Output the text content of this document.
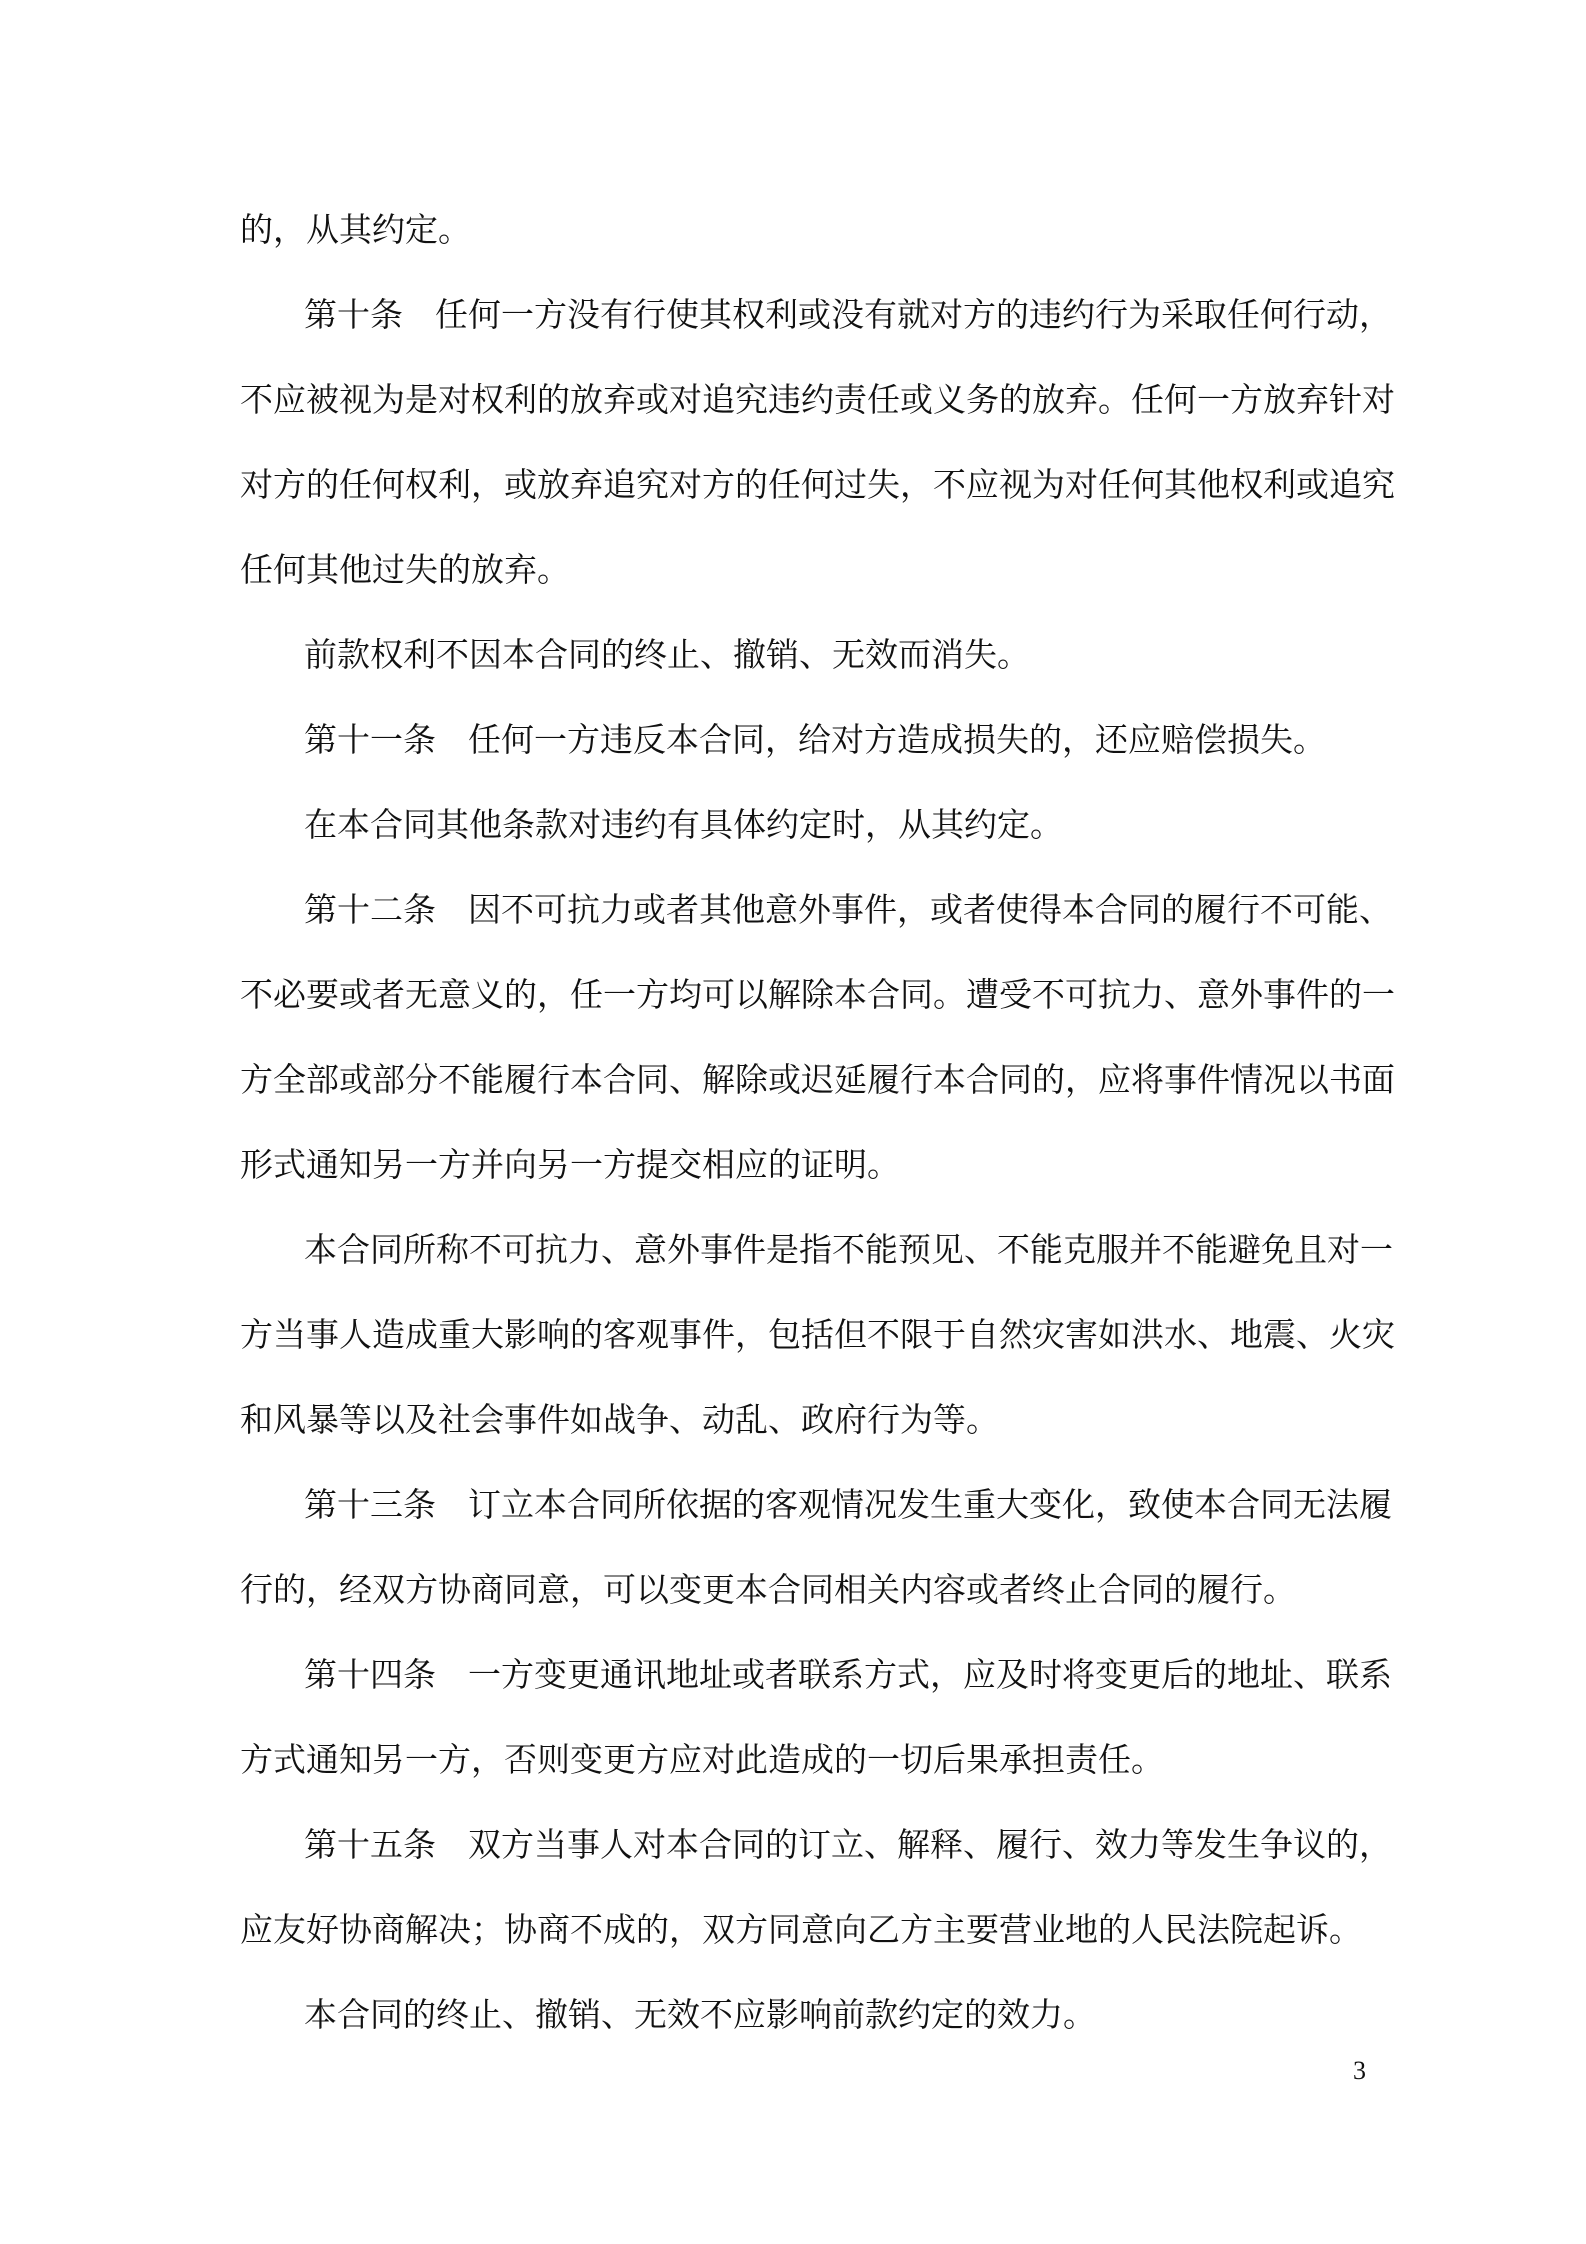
的，从其约定。
第十条 任何一方没有行使其权利或没有就对方的违约行为采取任何行动，
不应被视为是对权利的放弃或对追究违约责任或义务的放弃。任何一方放弃针对
对方的任何权利，或放弃追究对方的任何过失，不应视为对任何其他权利或追究
任何其他过失的放弃。
前款权利不因本合同的终止、撤销、无效而消失。
第十一条 任何一方违反本合同，给对方造成损失的，还应赔偿损失。
在本合同其他条款对违约有具体约定时，从其约定。
第十二条 因不可抗力或者其他意外事件，或者使得本合同的履行不可能、
不必要或者无意义的，任一方均可以解除本合同。遭受不可抗力、意外事件的一
方全部或部分不能履行本合同、解除或迟延履行本合同的，应将事件情况以书面
形式通知另一方并向另一方提交相应的证明。
本合同所称不可抗力、意外事件是指不能预见、不能克服并不能避免且对一
方当事人造成重大影响的客观事件，包括但不限于自然灾害如洪水、地震、火灾
和风暴等以及社会事件如战争、动乱、政府行为等。
第十三条 订立本合同所依据的客观情况发生重大变化，致使本合同无法履
行的，经双方协商同意，可以变更本合同相关内容或者终止合同的履行。
第十四条 一方变更通讯地址或者联系方式，应及时将变更后的地址、联系
方式通知另一方，否则变更方应对此造成的一切后果承担责任。
第十五条 双方当事人对本合同的订立、解释、履行、效力等发生争议的，
应友好协商解决；协商不成的，双方同意向乙方主要营业地的人民法院起诉。
本合同的终止、撤销、无效不应影响前款约定的效力。
3
